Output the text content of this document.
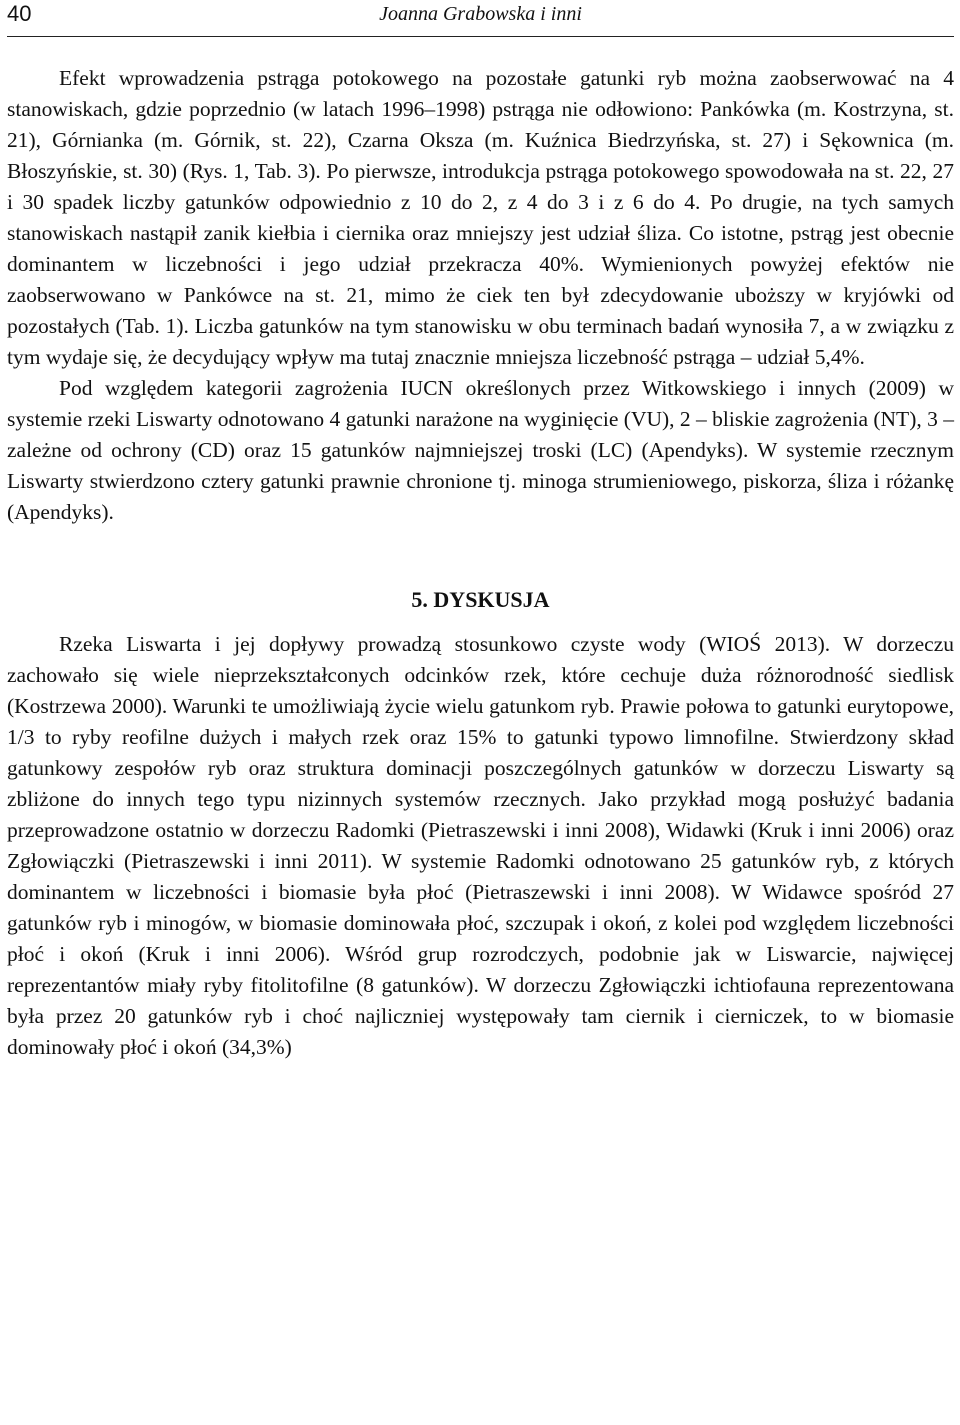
40	Joanna Grabowska i inni

Efekt wprowadzenia pstrąga potokowego na pozostałe gatunki ryb można zaobserwować na 4 stanowiskach, gdzie poprzednio (w latach 1996–1998) pstrąga nie odłowiono: Pankówka (m. Kostrzyna, st. 21), Górnianka (m. Górnik, st. 22), Czarna Oksza (m. Kuźnica Biedrzyńska, st. 27) i Sękownica (m. Błoszyńskie, st. 30) (Rys. 1, Tab. 3). Po pierwsze, introdukcja pstrąga potokowego spowodowała na st. 22, 27 i 30 spadek liczby gatunków odpowiednio z 10 do 2, z 4 do 3 i z 6 do 4. Po drugie, na tych samych stanowiskach nastąpił zanik kiełbia i ciernika oraz mniejszy jest udział śliza. Co istotne, pstrąg jest obecnie dominantem w liczebności i jego udział przekracza 40%. Wymienionych powyżej efektów nie zaobserwowano w Pankówce na st. 21, mimo że ciek ten był zdecydowanie uboższy w kryjówki od pozostałych (Tab. 1). Liczba gatunków na tym stanowisku w obu terminach badań wynosiła 7, a w związku z tym wydaje się, że decydujący wpływ ma tutaj znacznie mniejsza liczebność pstrąga – udział 5,4%.

Pod względem kategorii zagrożenia IUCN określonych przez Witkowskiego i innych (2009) w systemie rzeki Liswarty odnotowano 4 gatunki narażone na wyginięcie (VU), 2 – bliskie zagrożenia (NT), 3 – zależne od ochrony (CD) oraz 15 gatunków najmniejszej troski (LC) (Apendyks). W systemie rzecznym Liswarty stwierdzono cztery gatunki prawnie chronione tj. minoga strumieniowego, piskorza, śliza i różankę (Apendyks).

5. DYSKUSJA

Rzeka Liswarta i jej dopływy prowadzą stosunkowo czyste wody (WIOŚ 2013). W dorzeczu zachowało się wiele nieprzekształconych odcinków rzek, które cechuje duża różnorodność siedlisk (Kostrzewa 2000). Warunki te umożliwiają życie wielu gatunkom ryb. Prawie połowa to gatunki eurytopowe, 1/3 to ryby reofilne dużych i małych rzek oraz 15% to gatunki typowo limnofilne. Stwierdzony skład gatunkowy zespołów ryb oraz struktura dominacji poszczególnych gatunków w dorzeczu Liswarty są zbliżone do innych tego typu nizinnych systemów rzecznych. Jako przykład mogą posłużyć badania przeprowadzone ostatnio w dorzeczu Radomki (Pietraszewski i inni 2008), Widawki (Kruk i inni 2006) oraz Zgłowiączki (Pietraszewski i inni 2011). W systemie Radomki odnotowano 25 gatunków ryb, z których dominantem w liczebności i biomasie była płoć (Pietraszewski i inni 2008). W Widawce spośród 27 gatunków ryb i minogów, w biomasie dominowała płoć, szczupak i okoń, z kolei pod względem liczebności płoć i okoń (Kruk i inni 2006). Wśród grup rozrodczych, podobnie jak w Liswarcie, najwięcej reprezentantów miały ryby fitolitofilne (8 gatunków). W dorzeczu Zgłowiączki ichtiofauna reprezentowana była przez 20 gatunków ryb i choć najliczniej występowały tam ciernik i cierniczek, to w biomasie dominowały płoć i okoń (34,3%)
